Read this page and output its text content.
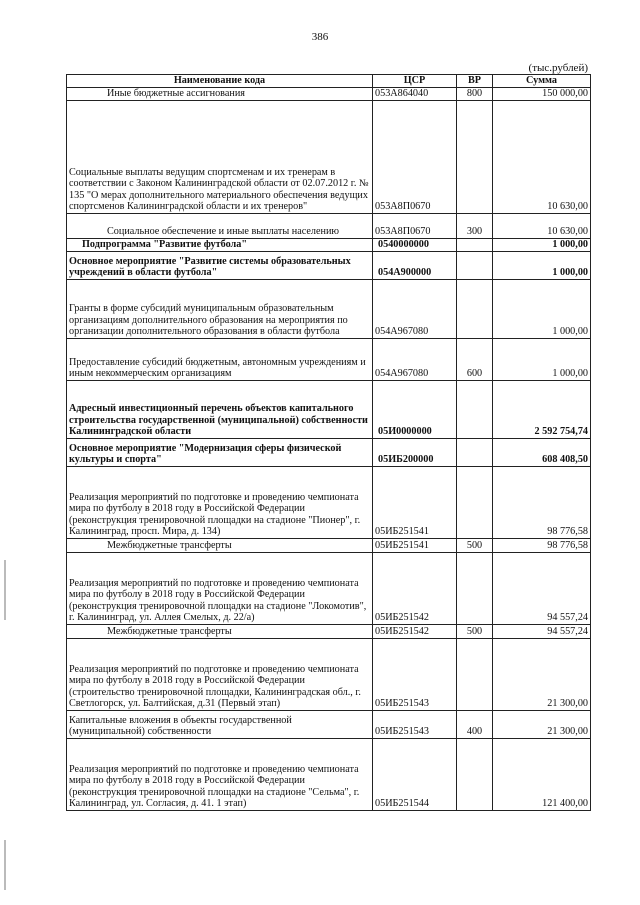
386
(тыс.рублей)
Наименование кода	ЦСР	ВР	Сумма
Иные бюджетные ассигнования	053А864040	800	150 000,00

Социальные выплаты ведущим спортсменам и их тренерам в соответствии с Законом Калининградской области от 02.07.2012 г. № 135 "О мерах дополнительного материального обеспечения ведущих спортсменов Калининградской области и их тренеров"	053А8П0670		10 630,00
Социальное обеспечение и иные выплаты населению	053А8П0670	300	10 630,00
Подпрограмма "Развитие футбола"	0540000000		1 000,00

Основное мероприятие "Развитие системы образовательных учреждений в области футбола"	054А900000		1 000,00

Гранты в форме субсидий муниципальным образовательным организациям дополнительного образования на мероприятия по организации дополнительного образования в области футбола	054А967080		1 000,00

Предоставление субсидий бюджетным, автономным учреждениям и иным некоммерческим организациям	054А967080	600	1 000,00

Адресный инвестиционный перечень объектов капитального строительства государственной (муниципальной) собственности Калининградской области	05И0000000		2 592 754,74

Основное мероприятие "Модернизация сферы физической культуры и спорта"	05ИБ200000		608 408,50

Реализация мероприятий по подготовке и проведению чемпионата мира по футболу в 2018 году в Российской Федерации (реконструкция тренировочной площадки на стадионе "Пионер", г. Калининград, просп. Мира, д. 134)	05ИБ251541		98 776,58
Межбюджетные трансферты	05ИБ251541	500	98 776,58

Реализация мероприятий по подготовке и проведению чемпионата мира по футболу в 2018 году в Российской Федерации (реконструкция тренировочной площадки на стадионе "Локомотив", г. Калининград, ул. Аллея Смелых, д. 22/а)	05ИБ251542		94 557,24
Межбюджетные трансферты	05ИБ251542	500	94 557,24

Реализация мероприятий по подготовке и проведению чемпионата мира по футболу в 2018 году в Российской Федерации (строительство тренировочной площадки, Калининградская обл., г. Светлогорск, ул. Балтийская, д.31 (Первый этап)	05ИБ251543		21 300,00

Капитальные вложения в объекты государственной (муниципальной) собственности	05ИБ251543	400	21 300,00

Реализация мероприятий по подготовке и проведению чемпионата мира по футболу в 2018 году в Российской Федерации (реконструкция тренировочной площадки на стадионе "Сельма", г. Калининград, ул. Согласия, д. 41. 1 этап)	05ИБ251544		121 400,00
